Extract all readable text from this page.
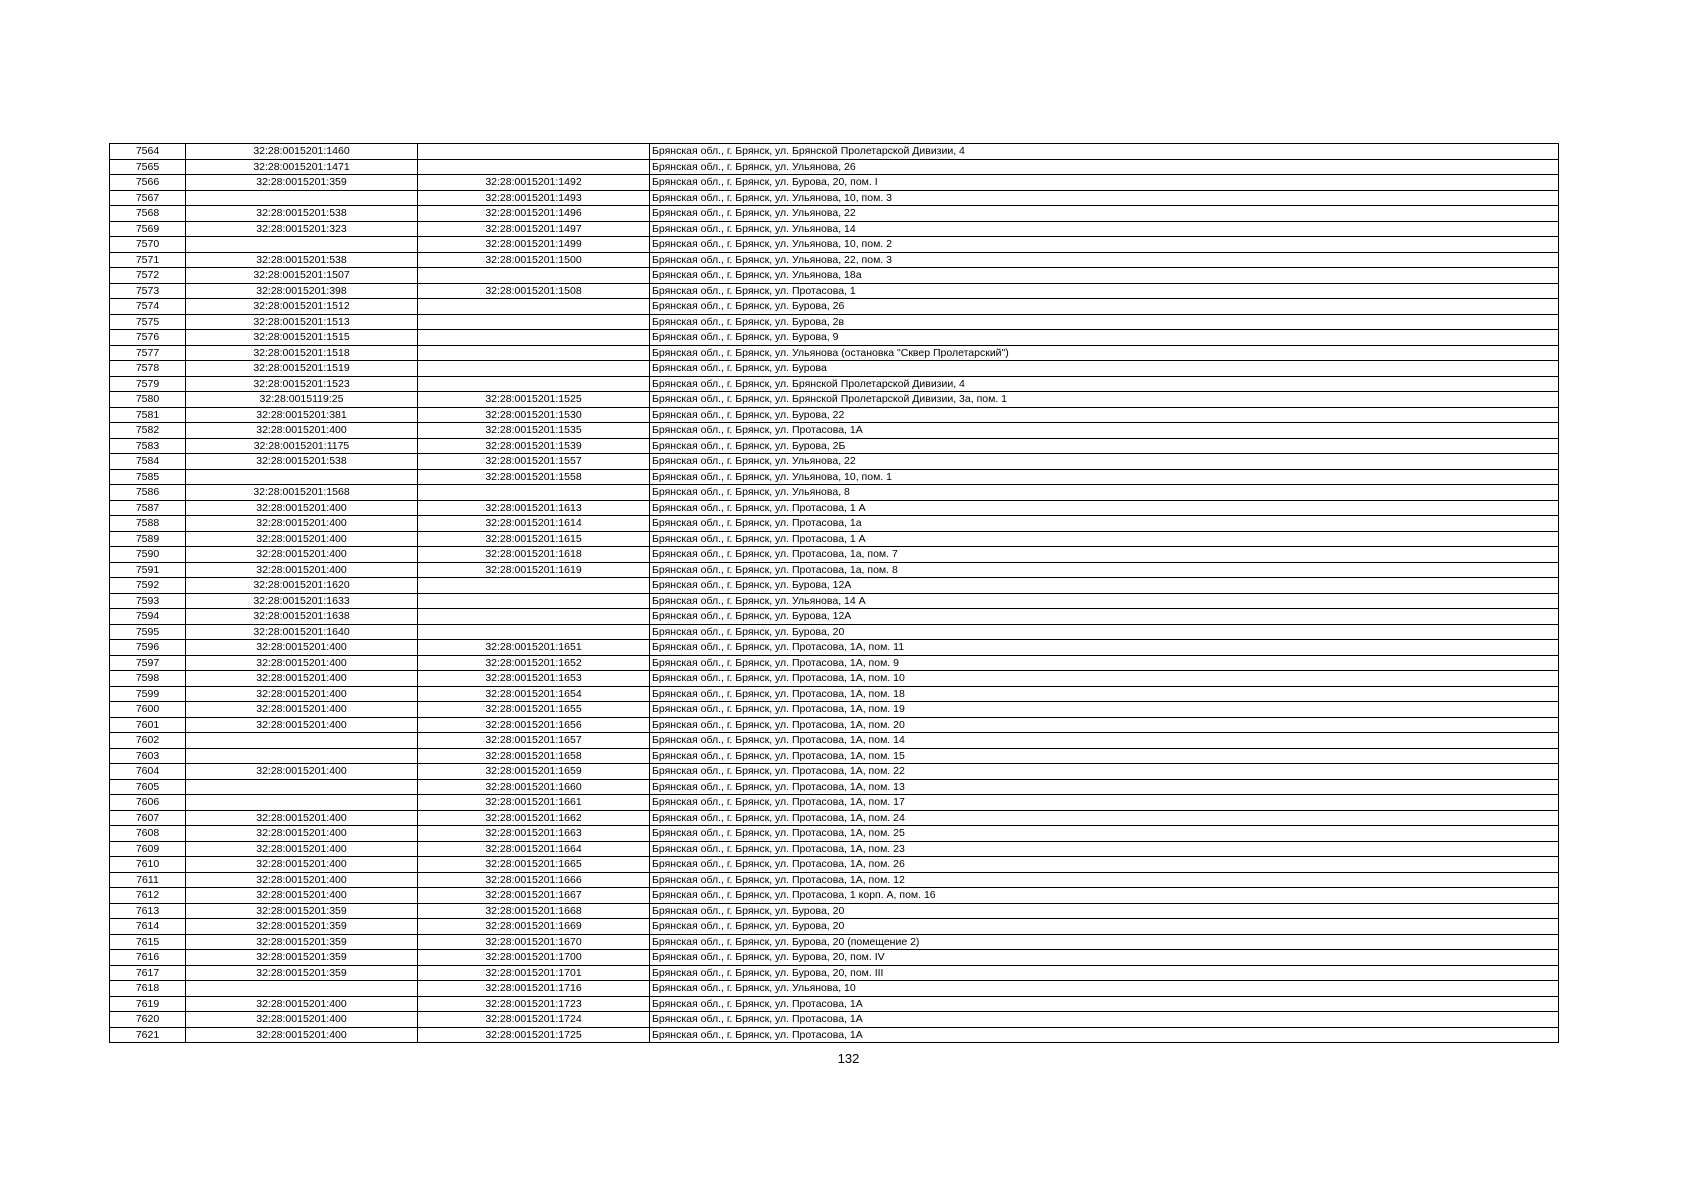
7564	32:28:0015201:1460		Брянская обл., г. Брянск, ул. Брянской Пролетарской Дивизии, 4
7565	32:28:0015201:1471		Брянская обл., г. Брянск, ул. Ульянова, 26
7566	32:28:0015201:359	32:28:0015201:1492	Брянская обл., г. Брянск, ул. Бурова, 20, пом. I
7567		32:28:0015201:1493	Брянская обл., г. Брянск, ул. Ульянова, 10, пом. 3
7568	32:28:0015201:538	32:28:0015201:1496	Брянская обл., г. Брянск, ул. Ульянова, 22
7569	32:28:0015201:323	32:28:0015201:1497	Брянская обл., г. Брянск, ул. Ульянова, 14
7570		32:28:0015201:1499	Брянская обл., г. Брянск, ул. Ульянова, 10, пом. 2
7571	32:28:0015201:538	32:28:0015201:1500	Брянская обл., г. Брянск, ул. Ульянова, 22, пом. 3
7572	32:28:0015201:1507		Брянская обл., г. Брянск, ул. Ульянова, 18а
7573	32:28:0015201:398	32:28:0015201:1508	Брянская обл., г. Брянск, ул. Протасова, 1
7574	32:28:0015201:1512		Брянская обл., г. Брянск, ул. Бурова, 26
7575	32:28:0015201:1513		Брянская обл., г. Брянск, ул. Бурова, 2в
7576	32:28:0015201:1515		Брянская обл., г. Брянск, ул. Бурова, 9
7577	32:28:0015201:1518		Брянская обл., г. Брянск, ул. Ульянова (остановка "Сквер Пролетарский")
7578	32:28:0015201:1519		Брянская обл., г. Брянск, ул. Бурова
7579	32:28:0015201:1523		Брянская обл., г. Брянск, ул. Брянской Пролетарской Дивизии, 4
7580	32:28:0015119:25	32:28:0015201:1525	Брянская обл., г. Брянск, ул. Брянской Пролетарской Дивизии, 3а, пом. 1
7581	32:28:0015201:381	32:28:0015201:1530	Брянская обл., г. Брянск, ул. Бурова, 22
7582	32:28:0015201:400	32:28:0015201:1535	Брянская обл., г. Брянск, ул. Протасова, 1А
7583	32:28:0015201:1175	32:28:0015201:1539	Брянская обл., г. Брянск, ул. Бурова, 2Б
7584	32:28:0015201:538	32:28:0015201:1557	Брянская обл., г. Брянск, ул. Ульянова, 22
7585		32:28:0015201:1558	Брянская обл., г. Брянск, ул. Ульянова, 10, пом. 1
7586	32:28:0015201:1568		Брянская обл., г. Брянск, ул. Ульянова, 8
7587	32:28:0015201:400	32:28:0015201:1613	Брянская обл., г. Брянск, ул. Протасова, 1 А
7588	32:28:0015201:400	32:28:0015201:1614	Брянская обл., г. Брянск, ул. Протасова, 1а
7589	32:28:0015201:400	32:28:0015201:1615	Брянская обл., г. Брянск, ул. Протасова, 1 А
7590	32:28:0015201:400	32:28:0015201:1618	Брянская обл., г. Брянск, ул. Протасова, 1а, пом. 7
7591	32:28:0015201:400	32:28:0015201:1619	Брянская обл., г. Брянск, ул. Протасова, 1а, пом. 8
7592	32:28:0015201:1620		Брянская обл., г. Брянск, ул. Бурова, 12А
7593	32:28:0015201:1633		Брянская обл., г. Брянск, ул. Ульянова, 14 А
7594	32:28:0015201:1638		Брянская обл., г. Брянск, ул. Бурова, 12А
7595	32:28:0015201:1640		Брянская обл., г. Брянск, ул. Бурова, 20
7596	32:28:0015201:400	32:28:0015201:1651	Брянская обл., г. Брянск, ул. Протасова, 1А, пом. 11
7597	32:28:0015201:400	32:28:0015201:1652	Брянская обл., г. Брянск, ул. Протасова, 1А, пом. 9
7598	32:28:0015201:400	32:28:0015201:1653	Брянская обл., г. Брянск, ул. Протасова, 1А, пом. 10
7599	32:28:0015201:400	32:28:0015201:1654	Брянская обл., г. Брянск, ул. Протасова, 1А, пом. 18
7600	32:28:0015201:400	32:28:0015201:1655	Брянская обл., г. Брянск, ул. Протасова, 1А, пом. 19
7601	32:28:0015201:400	32:28:0015201:1656	Брянская обл., г. Брянск, ул. Протасова, 1А, пом. 20
7602		32:28:0015201:1657	Брянская обл., г. Брянск, ул. Протасова, 1А, пом. 14
7603		32:28:0015201:1658	Брянская обл., г. Брянск, ул. Протасова, 1А, пом. 15
7604	32:28:0015201:400	32:28:0015201:1659	Брянская обл., г. Брянск, ул. Протасова, 1А, пом. 22
7605		32:28:0015201:1660	Брянская обл., г. Брянск, ул. Протасова, 1А, пом. 13
7606		32:28:0015201:1661	Брянская обл., г. Брянск, ул. Протасова, 1А, пом. 17
7607	32:28:0015201:400	32:28:0015201:1662	Брянская обл., г. Брянск, ул. Протасова, 1А, пом. 24
7608	32:28:0015201:400	32:28:0015201:1663	Брянская обл., г. Брянск, ул. Протасова, 1А, пом. 25
7609	32:28:0015201:400	32:28:0015201:1664	Брянская обл., г. Брянск, ул. Протасова, 1А, пом. 23
7610	32:28:0015201:400	32:28:0015201:1665	Брянская обл., г. Брянск, ул. Протасова, 1А, пом. 26
7611	32:28:0015201:400	32:28:0015201:1666	Брянская обл., г. Брянск, ул. Протасова, 1А, пом. 12
7612	32:28:0015201:400	32:28:0015201:1667	Брянская обл., г. Брянск, ул. Протасова, 1 корп. А, пом. 16
7613	32:28:0015201:359	32:28:0015201:1668	Брянская обл., г. Брянск, ул. Бурова, 20
7614	32:28:0015201:359	32:28:0015201:1669	Брянская обл., г. Брянск, ул. Бурова, 20
7615	32:28:0015201:359	32:28:0015201:1670	Брянская обл., г. Брянск, ул. Бурова, 20 (помещение 2)
7616	32:28:0015201:359	32:28:0015201:1700	Брянская обл., г. Брянск, ул. Бурова, 20, пом. IV
7617	32:28:0015201:359	32:28:0015201:1701	Брянская обл., г. Брянск, ул. Бурова, 20, пом. III
7618		32:28:0015201:1716	Брянская обл., г. Брянск, ул. Ульянова, 10
7619	32:28:0015201:400	32:28:0015201:1723	Брянская обл., г. Брянск, ул. Протасова, 1А
7620	32:28:0015201:400	32:28:0015201:1724	Брянская обл., г. Брянск, ул. Протасова, 1А
7621	32:28:0015201:400	32:28:0015201:1725	Брянская обл., г. Брянск, ул. Протасова, 1А
132
